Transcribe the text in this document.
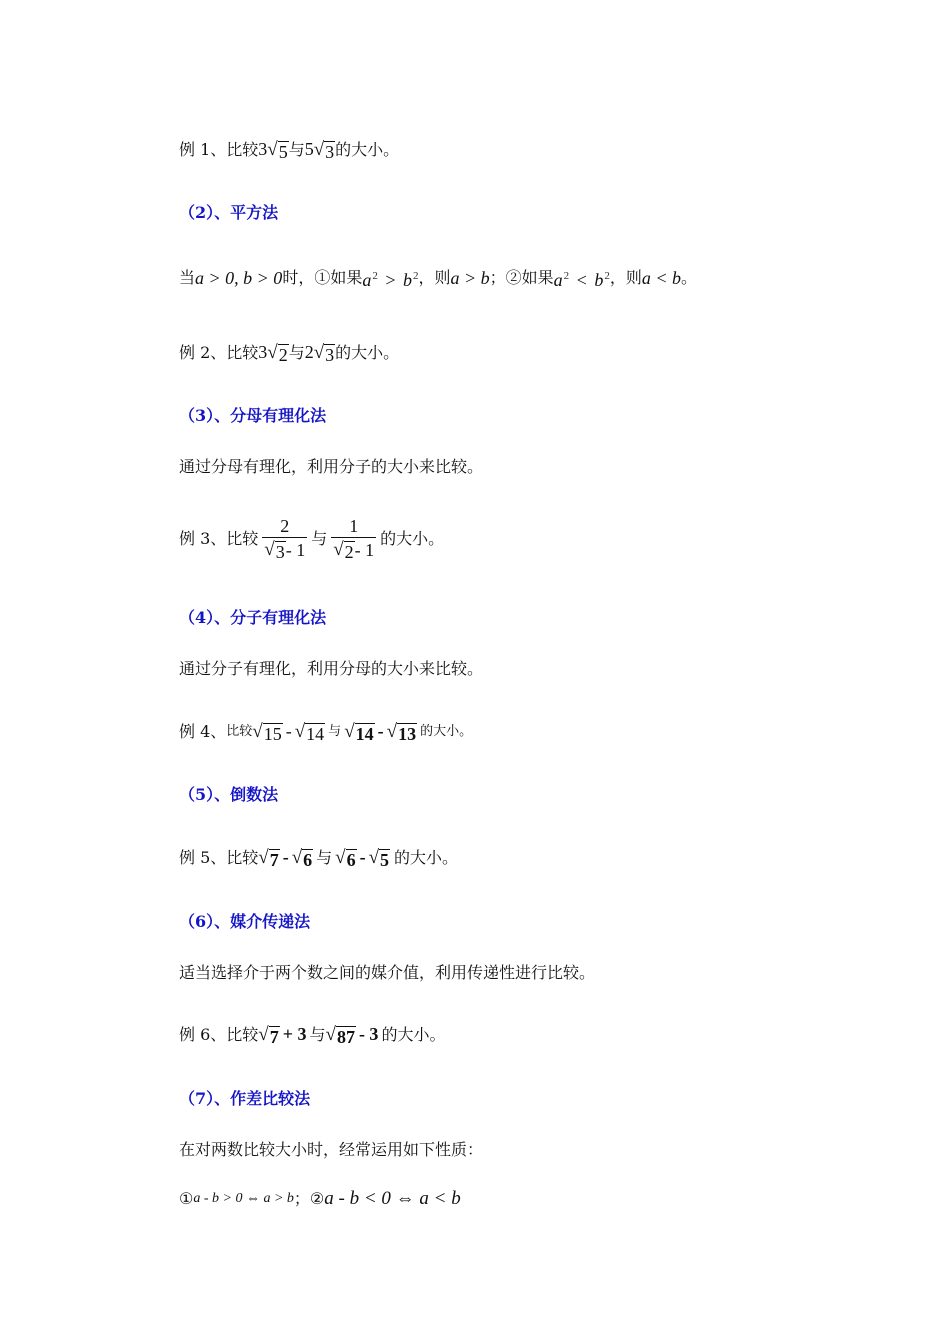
例 1、比较 3 √ 5 与 5 √ 3 的大小。
（2）、平方法
当 a > 0, b > 0 时，①如果 $a^2 > b^2$ ，则 a > b ；②如果 $a^2 < b^2$ ，则 a < b 。
例 2、比较 3 √ 2 与 2 √ 3 的大小。
（3）、分母有理化法
通过分母有理化，利用分子的大小来比较。
例 3、比较 $\frac{2}{√ 3 - 1}$ 与 $\frac{1}{√ 2 - 1}$ 的大小。
（4）、分子有理化法
通过分子有理化，利用分母的大小来比较。
例 4、 比较 √ 15 - √ 14 与 √ 14 - √ 13 的大小。
（5）、倒数法
例 5、比较 √ 7 - √ 6 与 √ 6 - √ 5 的大小。
（6）、媒介传递法
适当选择介于两个数之间的媒介值，利用传递性进行比较。
例 6、比较 √ 7 + 3 与 √ 87 - 3 的大小。
（7）、作差比较法
在对两数比较大小时，经常运用如下性质：
① a - b > 0 ⇔ a > b ； ② a - b < 0 ⇔ a < b
